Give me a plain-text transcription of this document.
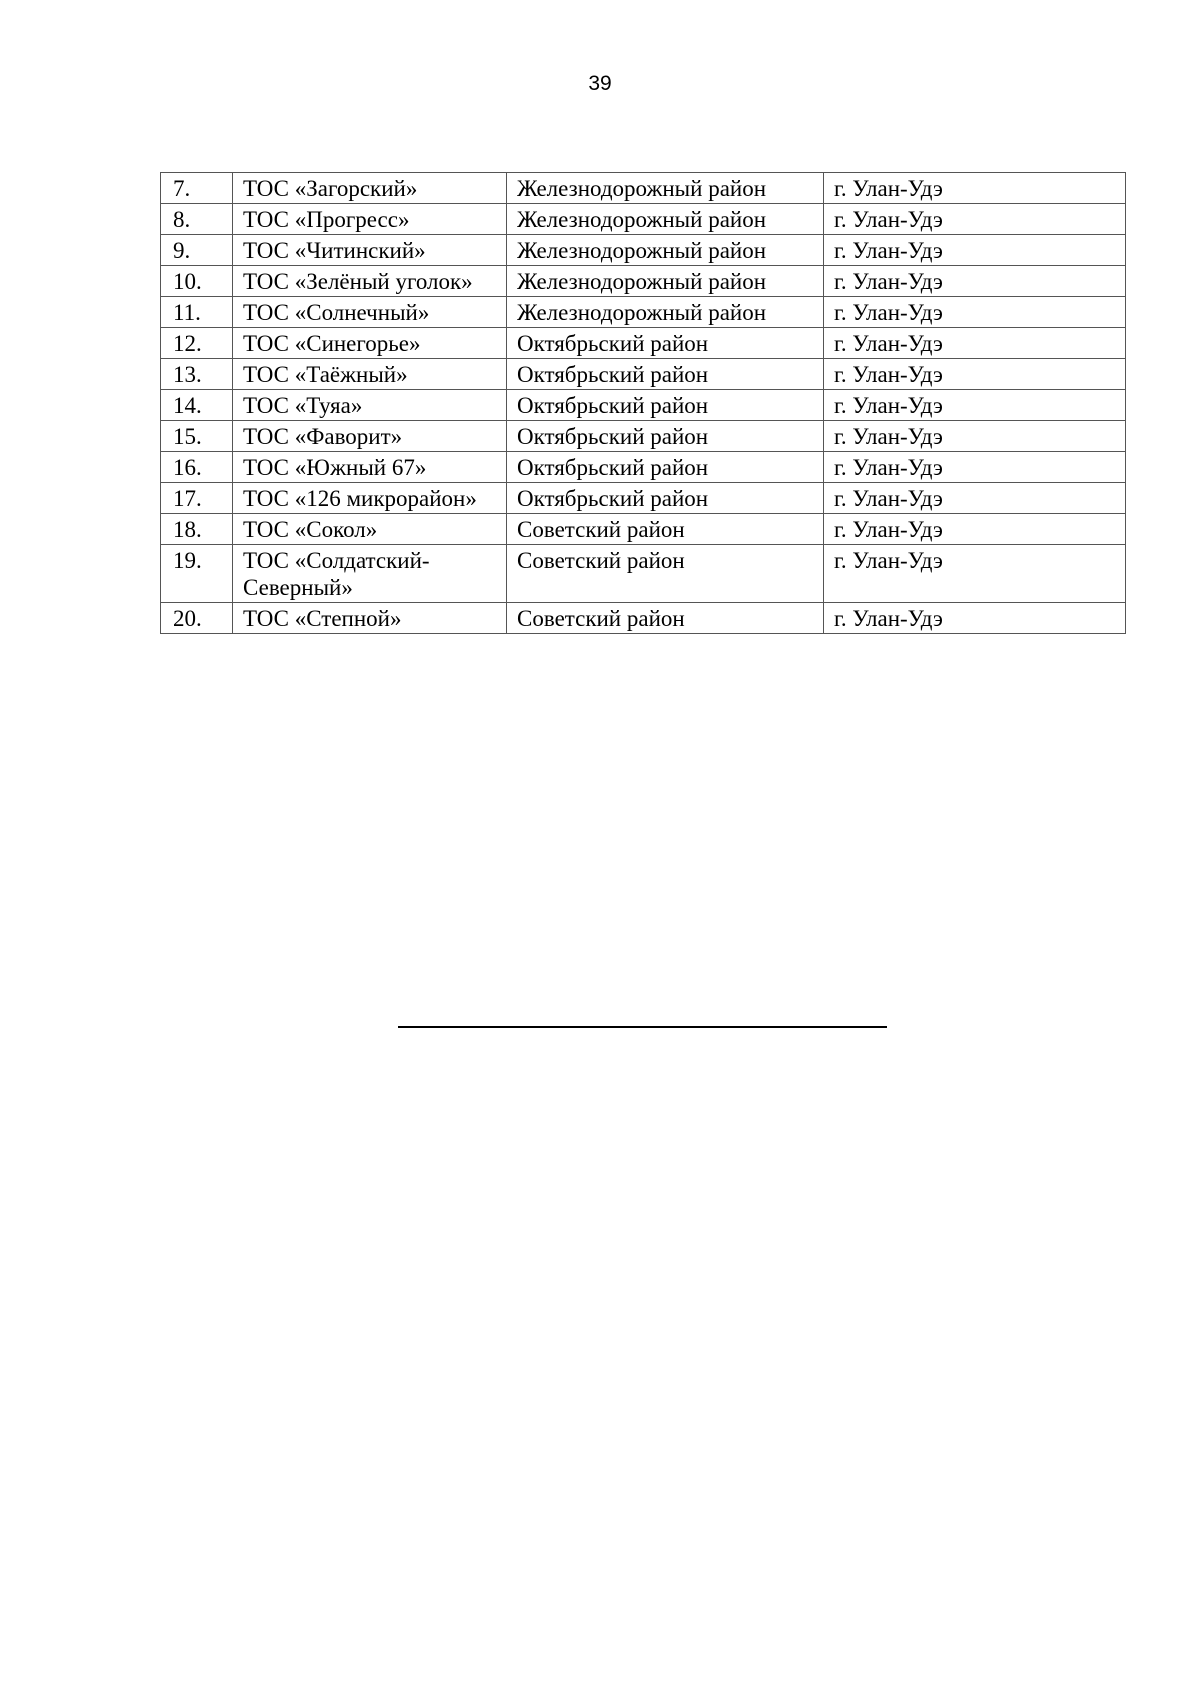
39
7.	ТОС «Загорский»	Железнодорожный район	г. Улан-Удэ
8.	ТОС «Прогресс»	Железнодорожный район	г. Улан-Удэ
9.	ТОС «Читинский»	Железнодорожный район	г. Улан-Удэ
10.	ТОС «Зелёный уголок»	Железнодорожный район	г. Улан-Удэ
11.	ТОС «Солнечный»	Железнодорожный район	г. Улан-Удэ
12.	ТОС «Синегорье»	Октябрьский район	г. Улан-Удэ
13.	ТОС «Таёжный»	Октябрьский район	г. Улан-Удэ
14.	ТОС «Туяа»	Октябрьский район	г. Улан-Удэ
15.	ТОС «Фаворит»	Октябрьский район	г. Улан-Удэ
16.	ТОС «Южный 67»	Октябрьский район	г. Улан-Удэ
17.	ТОС «126 микрорайон»	Октябрьский район	г. Улан-Удэ
18.	ТОС «Сокол»	Советский район	г. Улан-Удэ
19.	ТОС «Солдатский-Северный»	Советский район	г. Улан-Удэ
20.	ТОС «Степной»	Советский район	г. Улан-Удэ
